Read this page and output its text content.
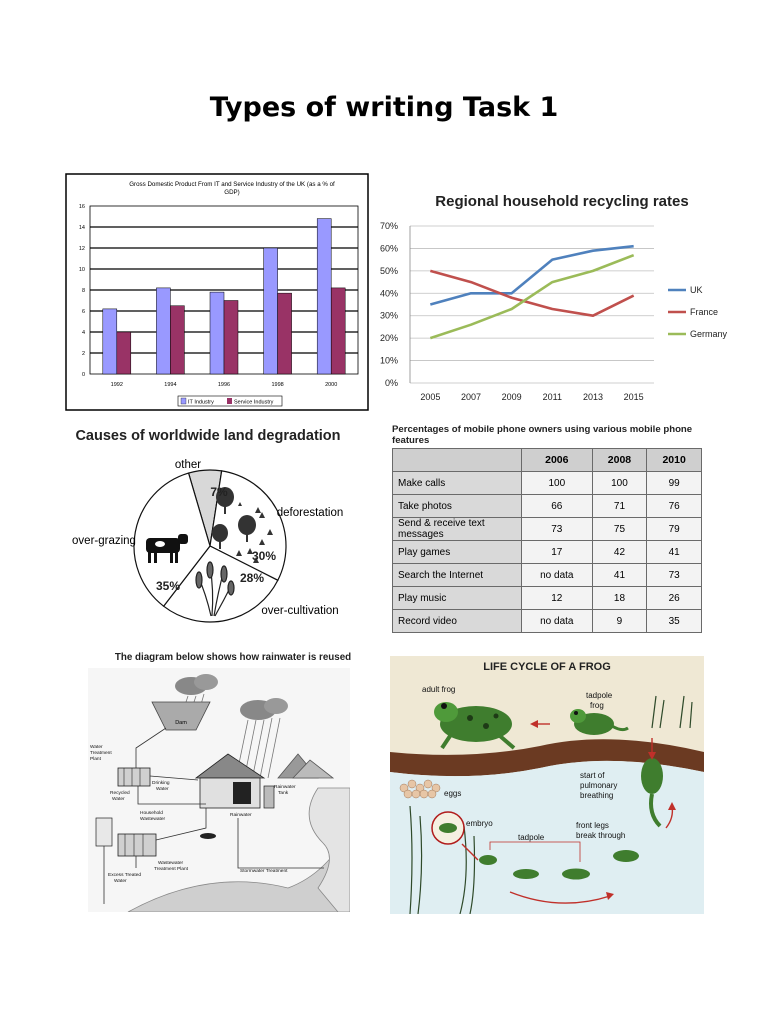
Types of writing Task 1
Gross Domestic Product From IT and Service Industry of the UK (as a % of
GDP)
0
2
4
6
8
10
12
14
16
1992	1994	1996	1998	2000
IT Industry	Service Industry
Regional household recycling rates
0%
10%
20%
30%
40%
50%
60%
70%
2005 2007 2009 2011 2013 2015
UK
France
Germany
Causes of worldwide land degradation
7%
30%
35%
28%
other
deforestation
over-grazing
over-cultivation
Percentages of mobile phone owners using various mobile phone features
	2006	2008	2010
Make calls	100	100	99
Take photos	66	71	76
Send & receive text messages	73	75	79
Play games	17	42	41
Search the Internet	no data	41	73
Play music	12	18	26
Record video	no data	9	35
The diagram below shows how rainwater is reused
Dam
Water
Treatment
Plant
Drinking
Water
Recycled
Water
Household
Wastewater
Rainwater
Rainwater
Tank
Wastewater
Treatment Plant	Stormwater Treatment
Excess Treated
Water
LIFE CYCLE OF A FROG
adult frog
tadpole
frog
eggs
start of
pulmonary
breathing
embryo
tadpole
front legs
break through
